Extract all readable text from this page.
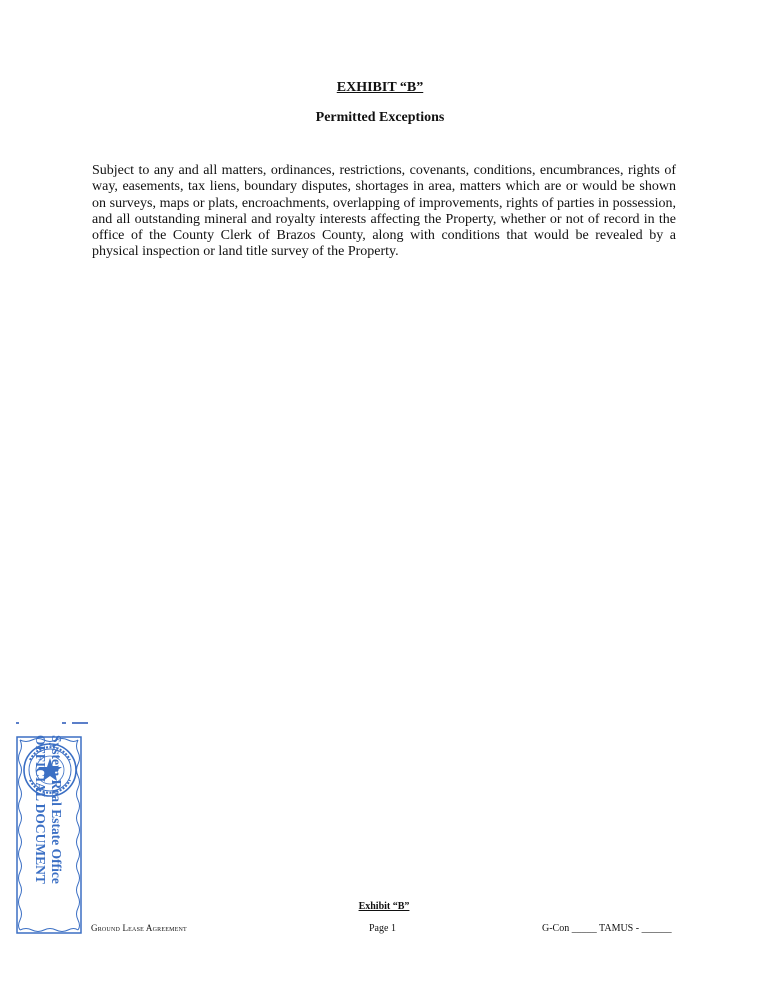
EXHIBIT “B”
Permitted Exceptions
Subject to any and all matters, ordinances, restrictions, covenants, conditions, encumbrances, rights of way, easements, tax liens, boundary disputes, shortages in area, matters which are or would be shown on surveys, maps or plats, encroachments, overlapping of improvements, rights of parties in possession, and all outstanding mineral and royalty interests affecting the Property, whether or not of record in the office of the County Clerk of Brazos County, along with conditions that would be revealed by a physical inspection or land title survey of the Property.
System Real Estate Office
OFFICIAL DOCUMENT
Exhibit “B”
Ground Lease Agreement	Page 1	G-Con _____ TAMUS - ______
